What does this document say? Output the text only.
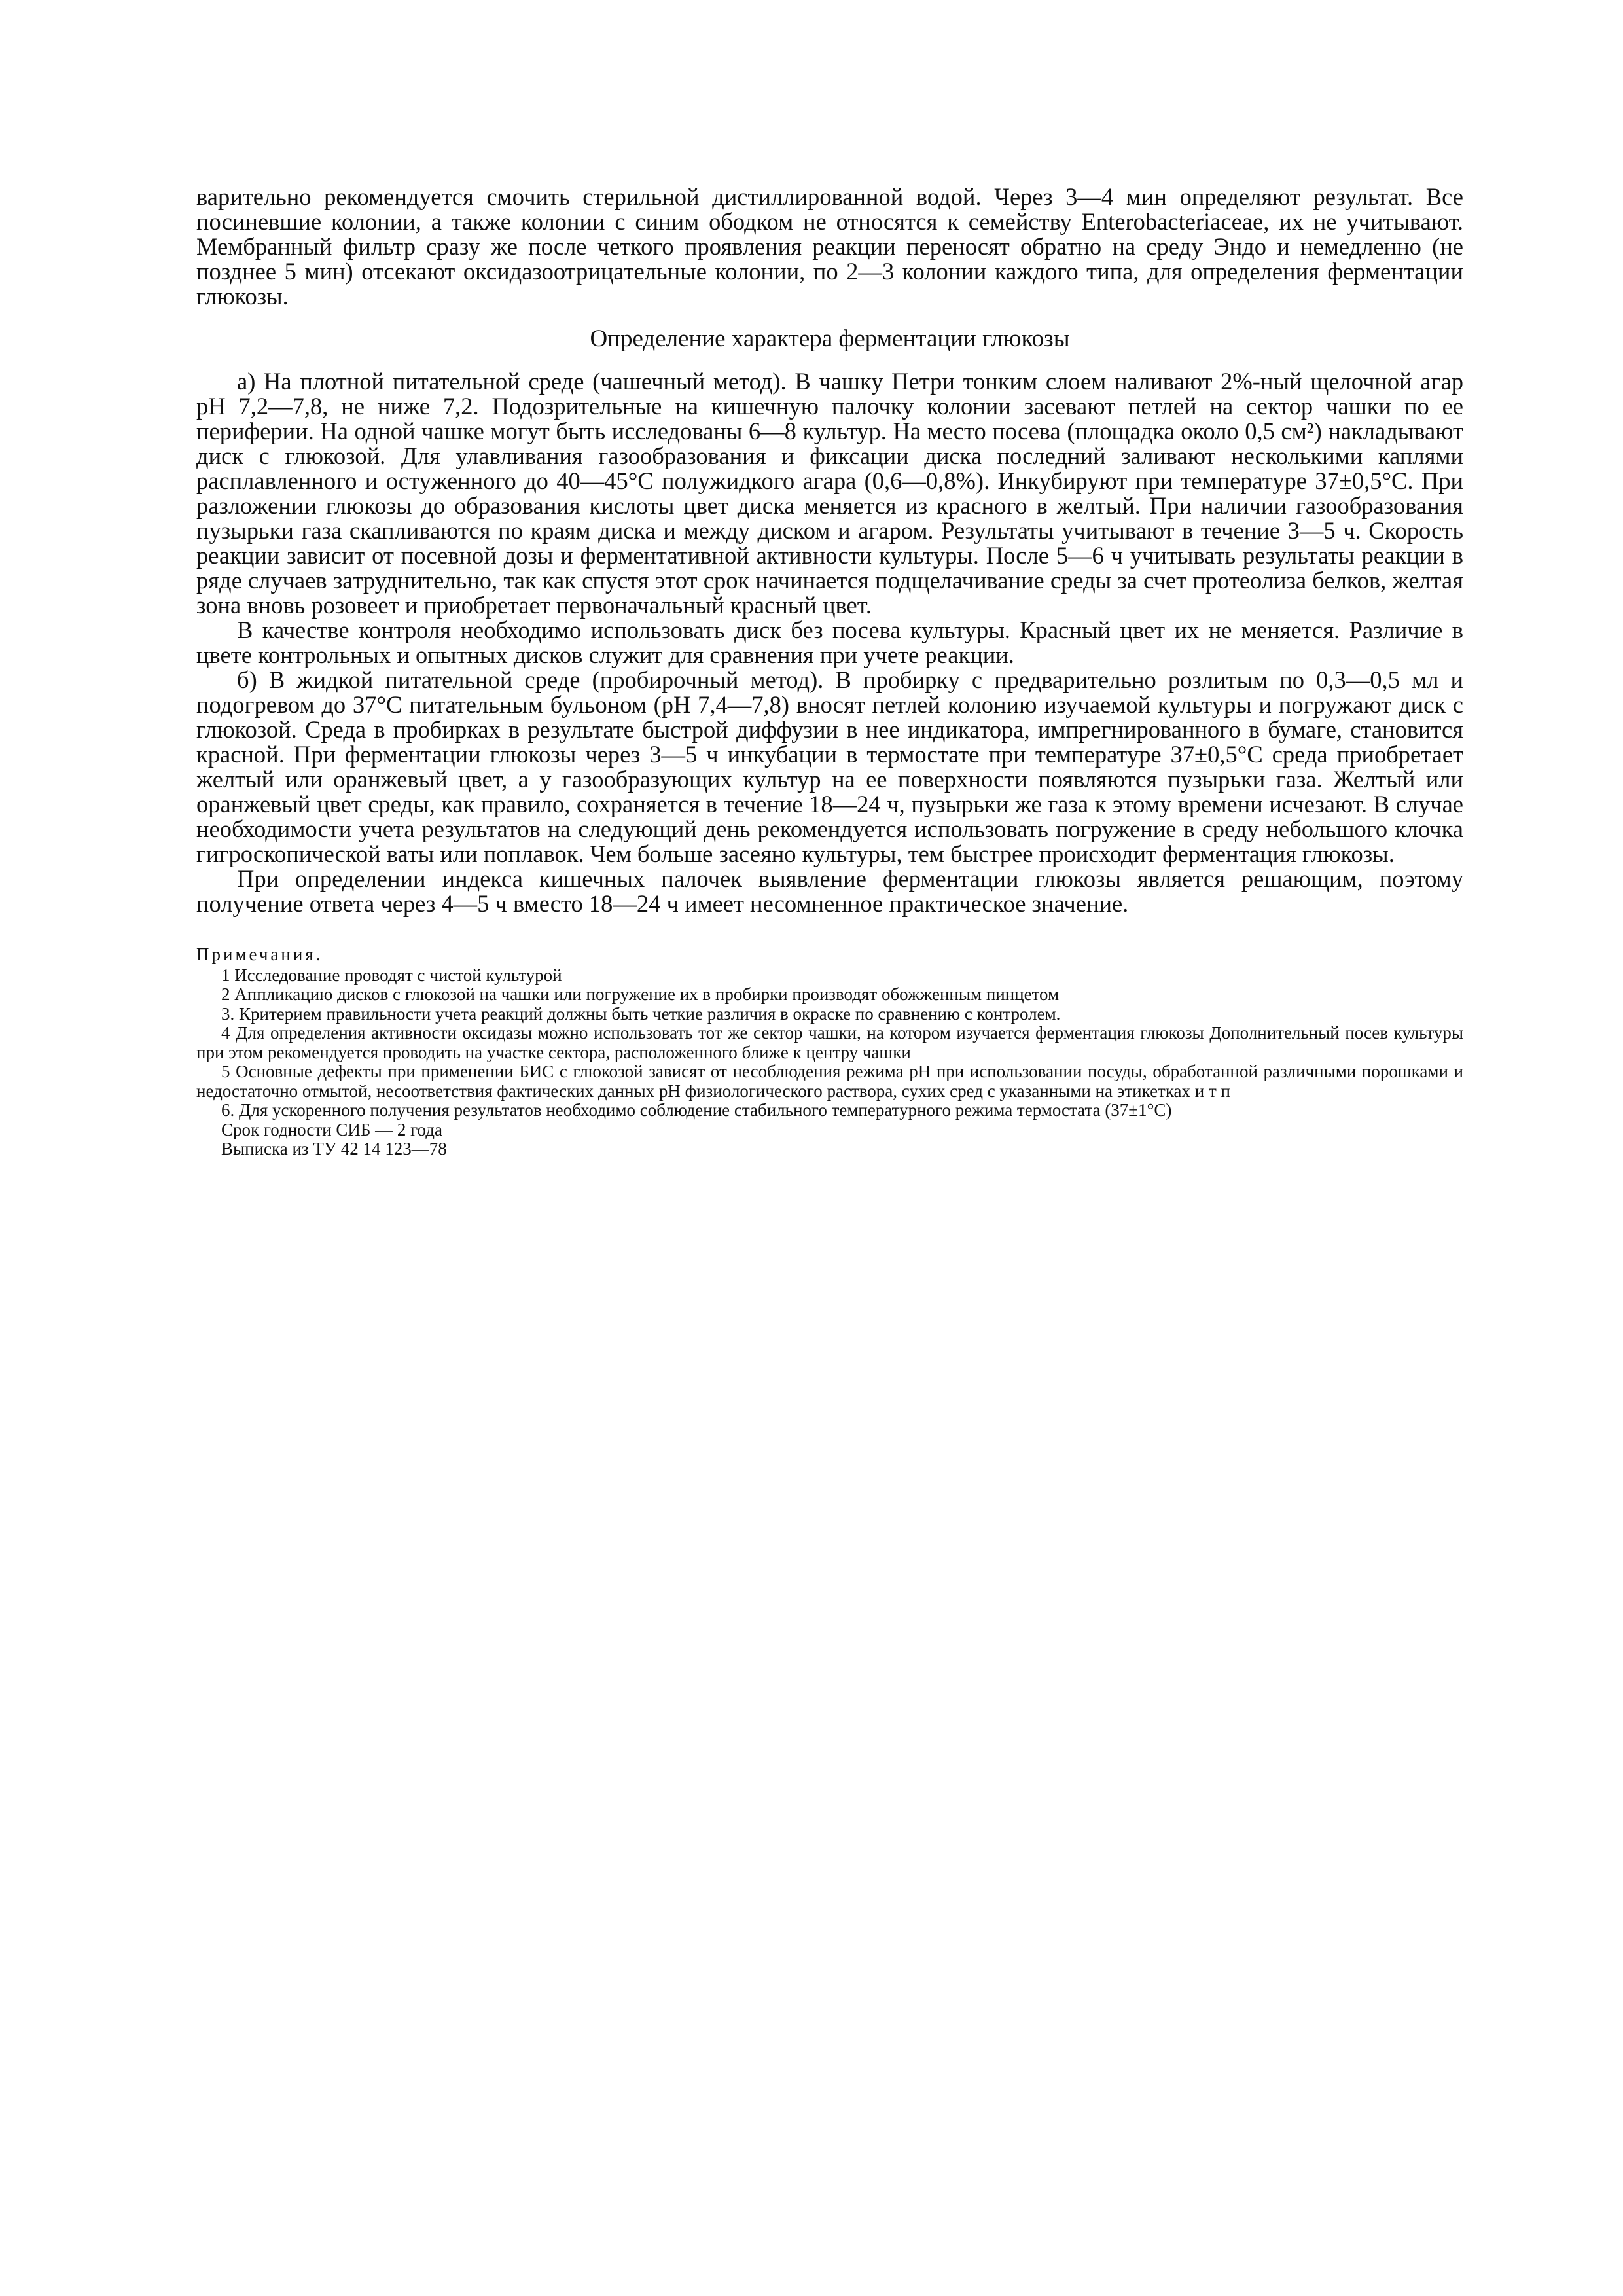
варительно рекомендуется смочить стерильной дистиллированной водой. Через 3—4 мин определяют результат. Все посиневшие колонии, а также колонии с синим ободком не относятся к семейству Enterobacteriaceae, их не учитывают. Мембранный фильтр сразу же после четкого проявления реакции переносят обратно на среду Эндо и немедленно (не позднее 5 мин) отсекают оксидазоотрицательные колонии, по 2—3 колонии каждого типа, для определения ферментации глюкозы.

Определение характера ферментации глюкозы

а) На плотной питательной среде (чашечный метод). В чашку Петри тонким слоем наливают 2%-ный щелочной агар pH 7,2—7,8, не ниже 7,2. Подозрительные на кишечную палочку колонии засевают петлей на сектор чашки по ее периферии. На одной чашке могут быть исследованы 6—8 культур. На место посева (площадка около 0,5 см²) накладывают диск с глюкозой. Для улавливания газообразования и фиксации диска последний заливают несколькими каплями расплавленного и остуженного до 40—45°С полужидкого агара (0,6—0,8%). Инкубируют при температуре 37±0,5°С. При разложении глюкозы до образования кислоты цвет диска меняется из красного в желтый. При наличии газообразования пузырьки газа скапливаются по краям диска и между диском и агаром. Результаты учитывают в течение 3—5 ч. Скорость реакции зависит от посевной дозы и ферментативной активности культуры. После 5—6 ч учитывать результаты реакции в ряде случаев затруднительно, так как спустя этот срок начинается подщелачивание среды за счет протеолиза белков, желтая зона вновь розовеет и приобретает первоначальный красный цвет.

В качестве контроля необходимо использовать диск без посева культуры. Красный цвет их не меняется. Различие в цвете контрольных и опытных дисков служит для сравнения при учете реакции.

б) В жидкой питательной среде (пробирочный метод). В пробирку с предварительно розлитым по 0,3—0,5 мл и подогревом до 37°С питательным бульоном (pH 7,4—7,8) вносят петлей колонию изучаемой культуры и погружают диск с глюкозой. Среда в пробирках в результате быстрой диффузии в нее индикатора, импрегнированного в бумаге, становится красной. При ферментации глюкозы через 3—5 ч инкубации в термостате при температуре 37±0,5°С среда приобретает желтый или оранжевый цвет, а у газообразующих культур на ее поверхности появляются пузырьки газа. Желтый или оранжевый цвет среды, как правило, сохраняется в течение 18—24 ч, пузырьки же газа к этому времени исчезают. В случае необходимости учета результатов на следующий день рекомендуется использовать погружение в среду небольшого клочка гигроскопической ваты или поплавок. Чем больше засеяно культуры, тем быстрее происходит ферментация глюкозы.

При определении индекса кишечных палочек выявление ферментации глюкозы является решающим, поэтому получение ответа через 4—5 ч вместо 18—24 ч имеет несомненное практическое значение.

Примечания.

1 Исследование проводят с чистой культурой

2 Аппликацию дисков с глюкозой на чашки или погружение их в пробирки производят обожженным пинцетом

3. Критерием правильности учета реакций должны быть четкие различия в окраске по сравнению с контролем.

4 Для определения активности оксидазы можно использовать тот же сектор чашки, на котором изучается ферментация глюкозы Дополнительный посев культуры при этом рекомендуется проводить на участке сектора, расположенного ближе к центру чашки

5 Основные дефекты при применении БИС с глюкозой зависят от несоблюдения режима pH при использовании посуды, обработанной различными порошками и недостаточно отмытой, несоответствия фактических данных pH физиологического раствора, сухих сред с указанными на этикетках и т п

6. Для ускоренного получения результатов необходимо соблюдение стабильного температурного режима термостата (37±1°С)

Срок годности СИБ — 2 года

Выписка из ТУ 42 14 123—78
